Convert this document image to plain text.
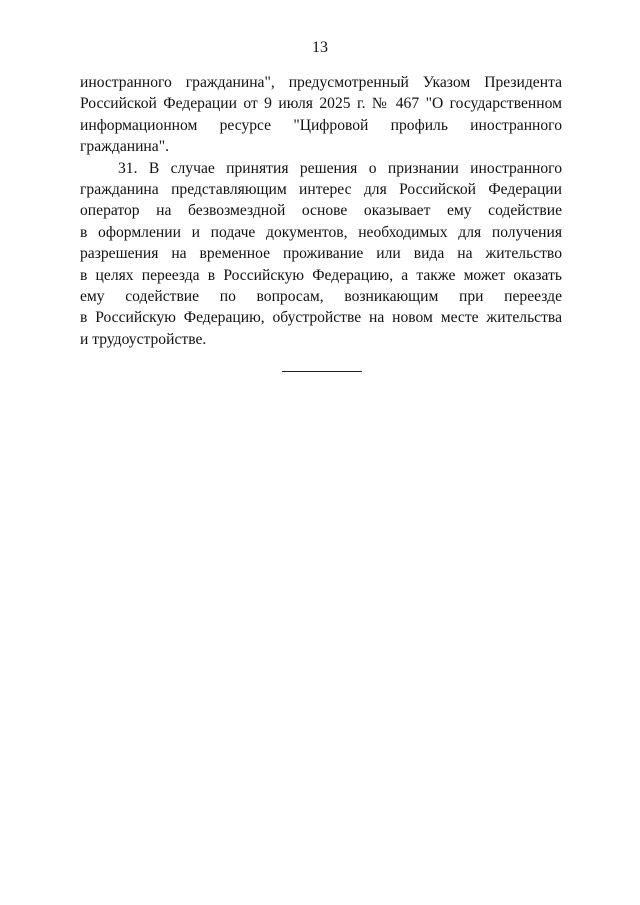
13
иностранного гражданина", предусмотренный Указом Президента
Российской Федерации от 9 июля 2025 г. № 467 "О государственном
информационном ресурсе "Цифровой профиль иностранного
гражданина".
31. В случае принятия решения о признании иностранного
гражданина представляющим интерес для Российской Федерации
оператор на безвозмездной основе оказывает ему содействие
в оформлении и подаче документов, необходимых для получения
разрешения на временное проживание или вида на жительство
в целях переезда в Российскую Федерацию, а также может оказать
ему содействие по вопросам, возникающим при переезде
в Российскую Федерацию, обустройстве на новом месте жительства
и трудоустройстве.
